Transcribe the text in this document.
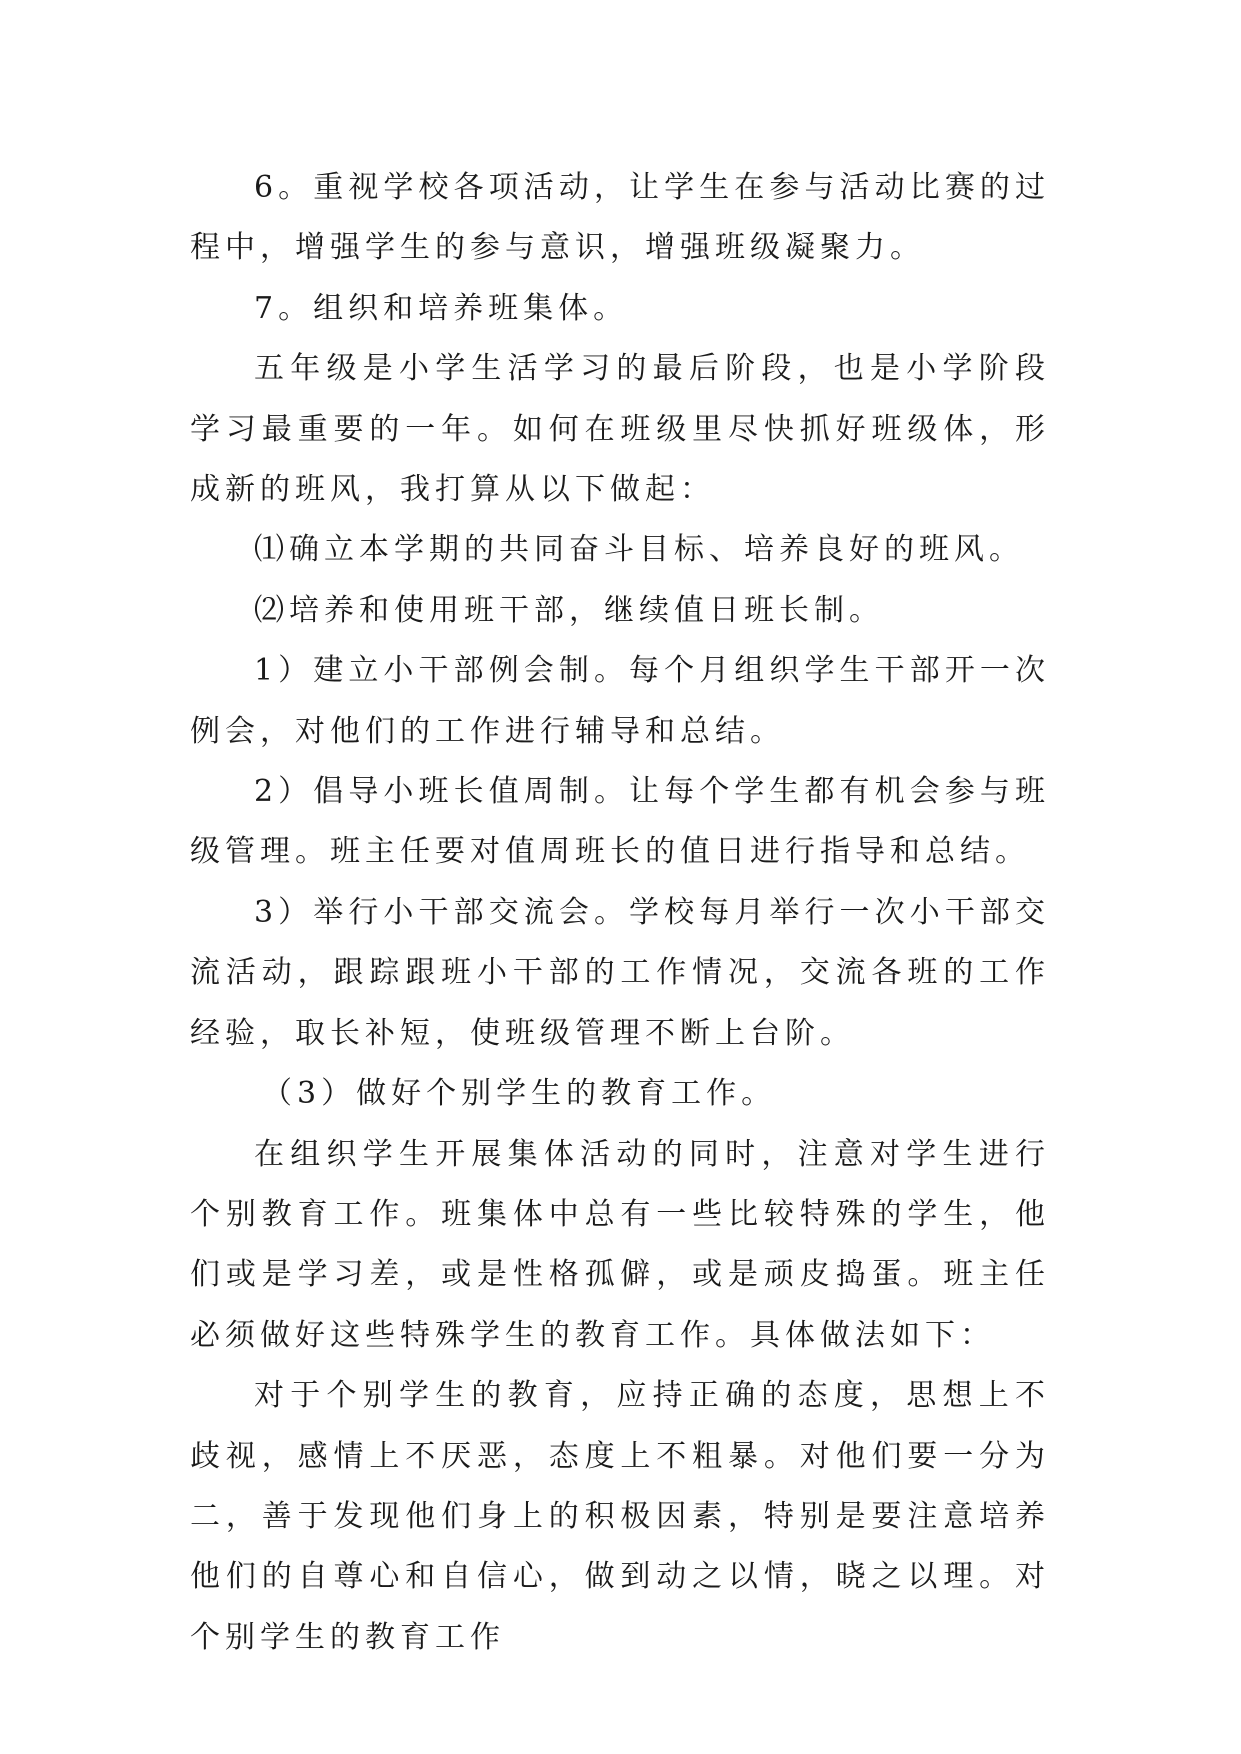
6。重视学校各项活动，让学生在参与活动比赛的过程中，增强学生的参与意识，增强班级凝聚力。

7。组织和培养班集体。

五年级是小学生活学习的最后阶段，也是小学阶段学习最重要的一年。如何在班级里尽快抓好班级体，形成新的班风，我打算从以下做起：

⑴确立本学期的共同奋斗目标、培养良好的班风。

⑵培养和使用班干部，继续值日班长制。

1）建立小干部例会制。每个月组织学生干部开一次例会，对他们的工作进行辅导和总结。

2）倡导小班长值周制。让每个学生都有机会参与班级管理。班主任要对值周班长的值日进行指导和总结。

3）举行小干部交流会。学校每月举行一次小干部交流活动，跟踪跟班小干部的工作情况，交流各班的工作经验，取长补短，使班级管理不断上台阶。

（3）做好个别学生的教育工作。

在组织学生开展集体活动的同时，注意对学生进行个别教育工作。班集体中总有一些比较特殊的学生，他们或是学习差，或是性格孤僻，或是顽皮捣蛋。班主任必须做好这些特殊学生的教育工作。具体做法如下：

对于个别学生的教育，应持正确的态度，思想上不歧视，感情上不厌恶，态度上不粗暴。对他们要一分为二，善于发现他们身上的积极因素，特别是要注意培养他们的自尊心和自信心，做到动之以情，晓之以理。对个别学生的教育工作
